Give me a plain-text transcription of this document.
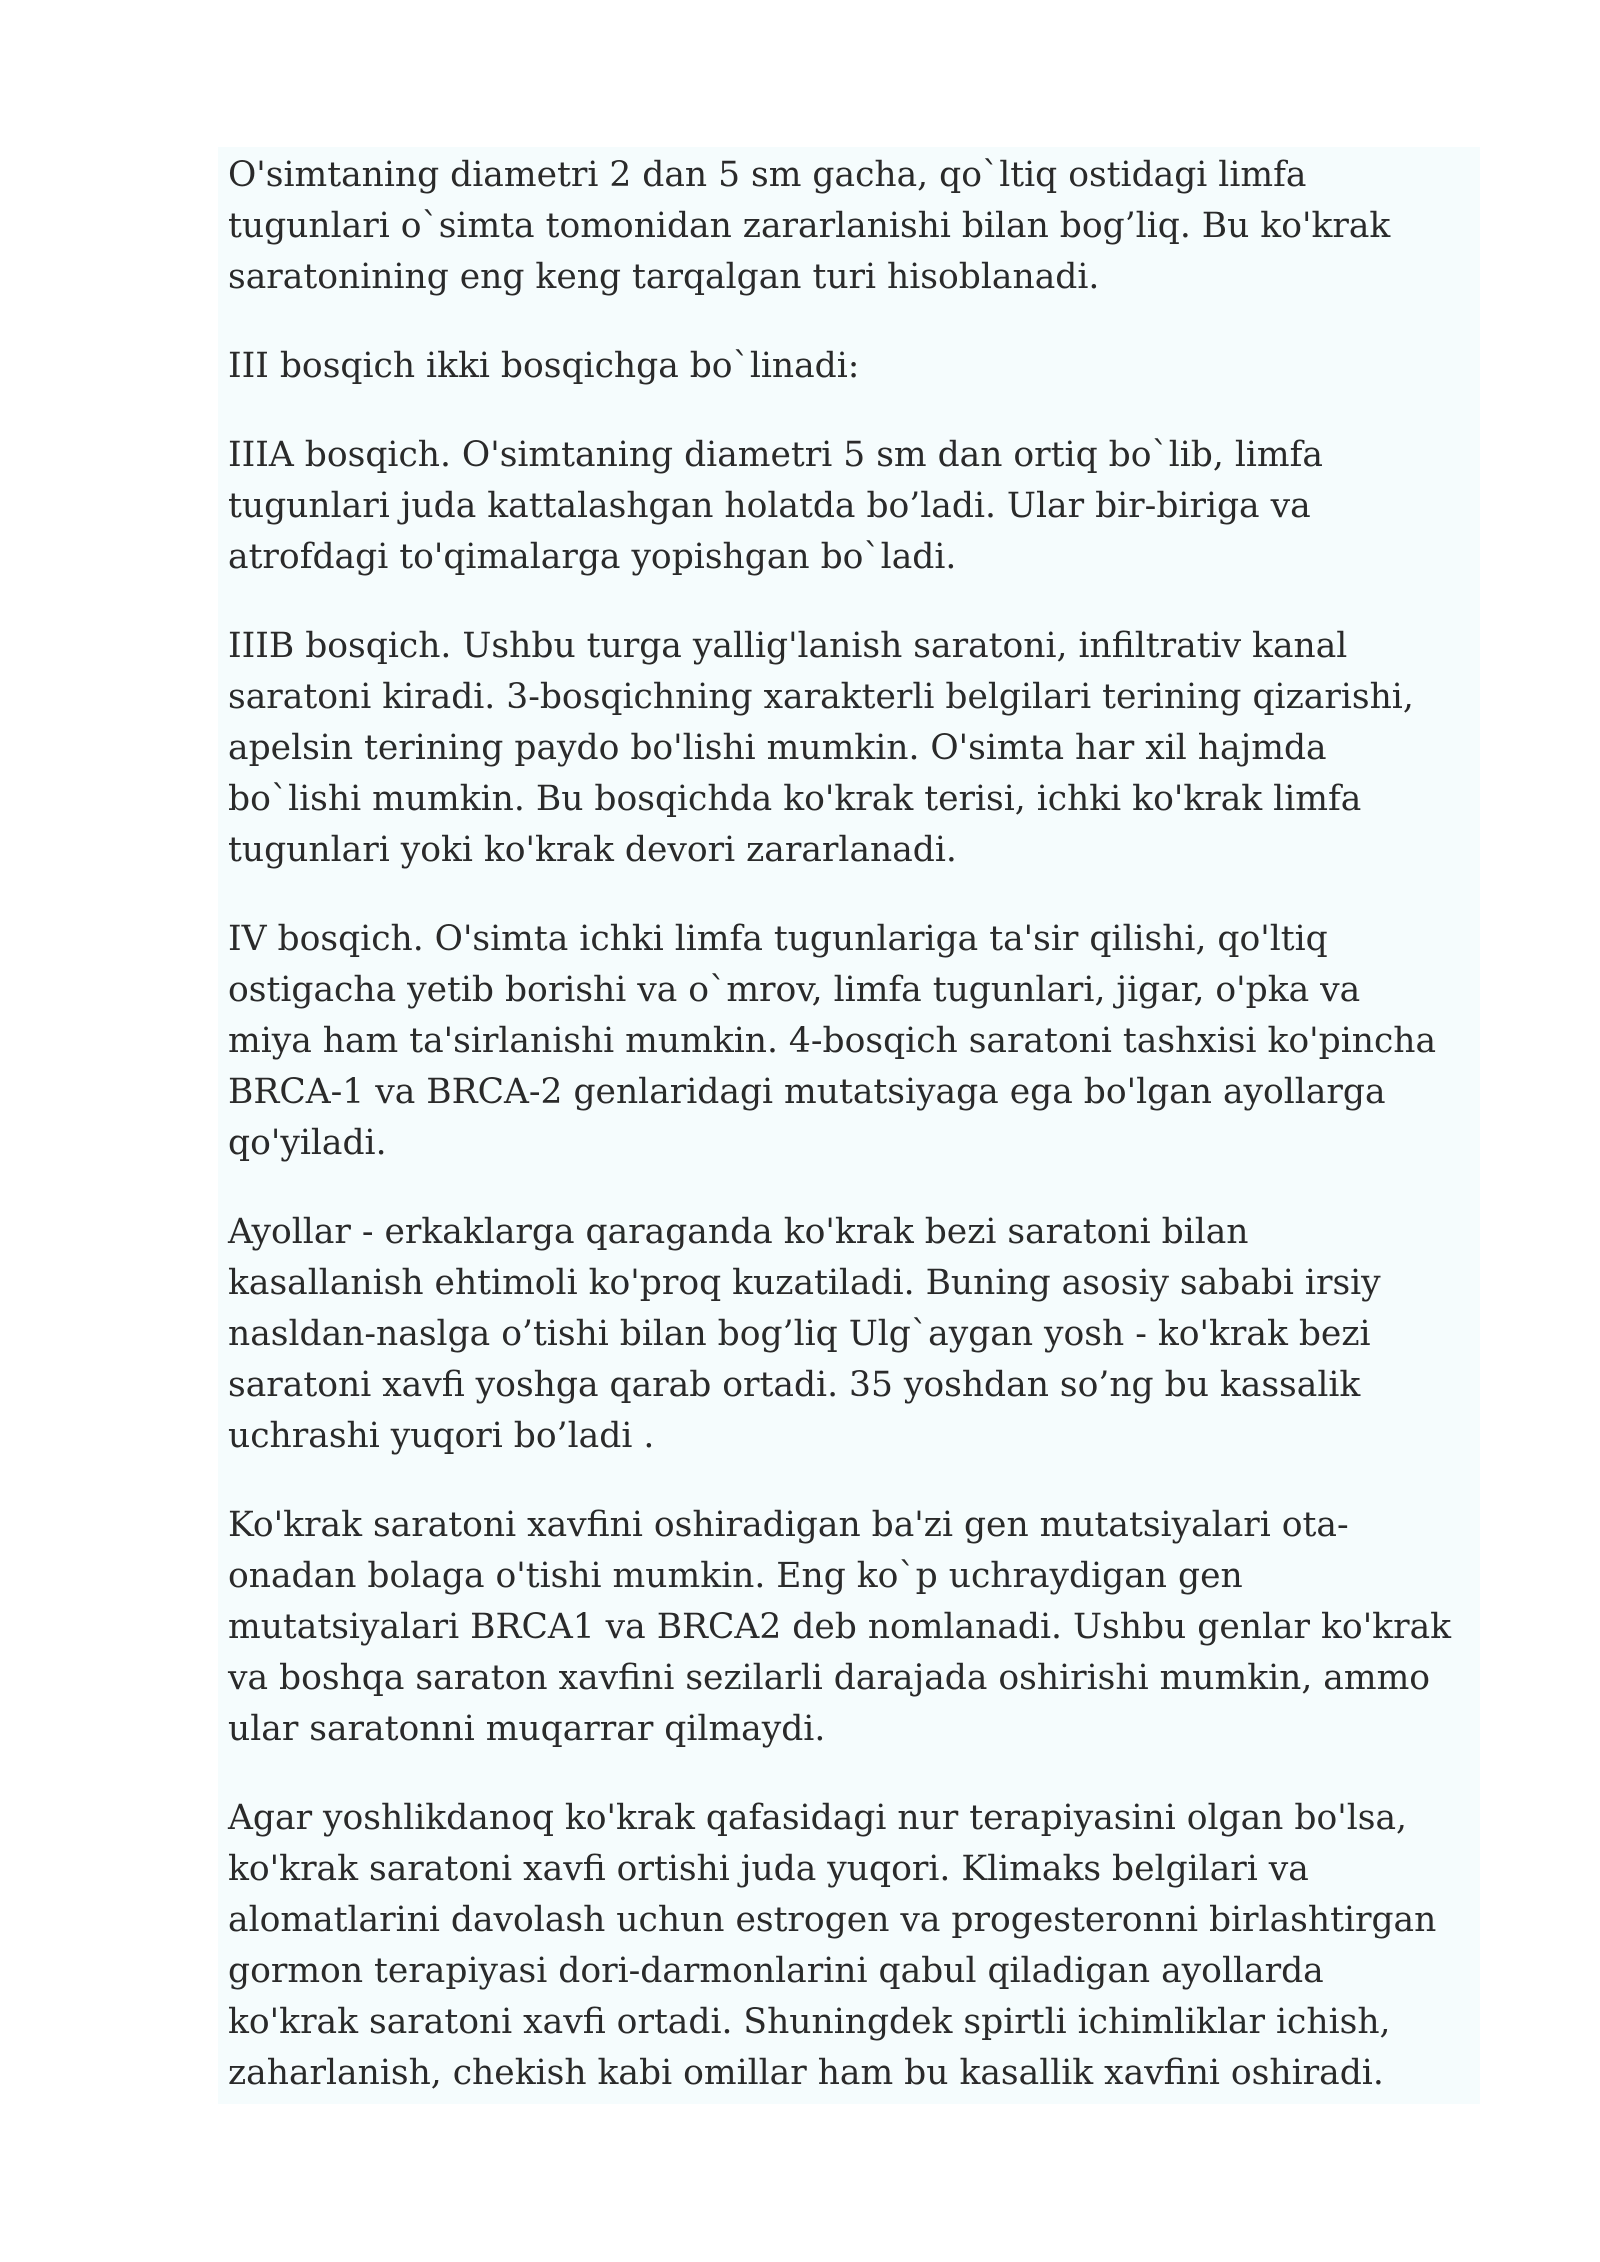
O'simtaning diametri 2 dan 5 sm gacha, qo`ltiq ostidagi limfa
tugunlari o`simta tomonidan zararlanishi bilan bog’liq. Bu ko'krak
saratonining eng keng tarqalgan turi hisoblanadi.

III bosqich ikki bosqichga bo`linadi:

IIIA bosqich. O'simtaning diametri 5 sm dan ortiq bo`lib, limfa
tugunlari juda kattalashgan holatda bo’ladi. Ular bir-biriga va
atrofdagi to'qimalarga yopishgan bo`ladi.

IIIB bosqich. Ushbu turga yallig'lanish saratoni, infiltrativ kanal
saratoni kiradi. 3-bosqichning xarakterli belgilari terining qizarishi,
apelsin terining paydo bo'lishi mumkin. O'simta har xil hajmda
bo`lishi mumkin. Bu bosqichda ko'krak terisi, ichki ko'krak limfa
tugunlari yoki ko'krak devori zararlanadi.

IV bosqich. O'simta ichki limfa tugunlariga ta'sir qilishi, qo'ltiq
ostigacha yetib borishi va o`mrov, limfa tugunlari, jigar, o'pka va
miya ham ta'sirlanishi mumkin. 4-bosqich saratoni tashxisi ko'pincha
BRCA-1 va BRCA-2 genlaridagi mutatsiyaga ega bo'lgan ayollarga
qo'yiladi.

Ayollar - erkaklarga qaraganda ko'krak bezi saratoni bilan
kasallanish ehtimoli ko'proq kuzatiladi. Buning asosiy sababi irsiy
nasldan-naslga o’tishi bilan bog’liq Ulg`aygan yosh - ko'krak bezi
saratoni xavfi yoshga qarab ortadi. 35 yoshdan so’ng bu kassalik
uchrashi yuqori bo’ladi .

Ko'krak saratoni xavfini oshiradigan ba'zi gen mutatsiyalari ota-
onadan bolaga o'tishi mumkin. Eng ko`p uchraydigan gen
mutatsiyalari BRCA1 va BRCA2 deb nomlanadi. Ushbu genlar ko'krak
va boshqa saraton xavfini sezilarli darajada oshirishi mumkin, ammo
ular saratonni muqarrar qilmaydi.

Agar yoshlikdanoq ko'krak qafasidagi nur terapiyasini olgan bo'lsa,
ko'krak saratoni xavfi ortishi juda yuqori. Klimaks belgilari va
alomatlarini davolash uchun estrogen va progesteronni birlashtirgan
gormon terapiyasi dori-darmonlarini qabul qiladigan ayollarda
ko'krak saratoni xavfi ortadi. Shuningdek spirtli ichimliklar ichish,
zaharlanish, chekish kabi omillar ham bu kasallik xavfini oshiradi.
